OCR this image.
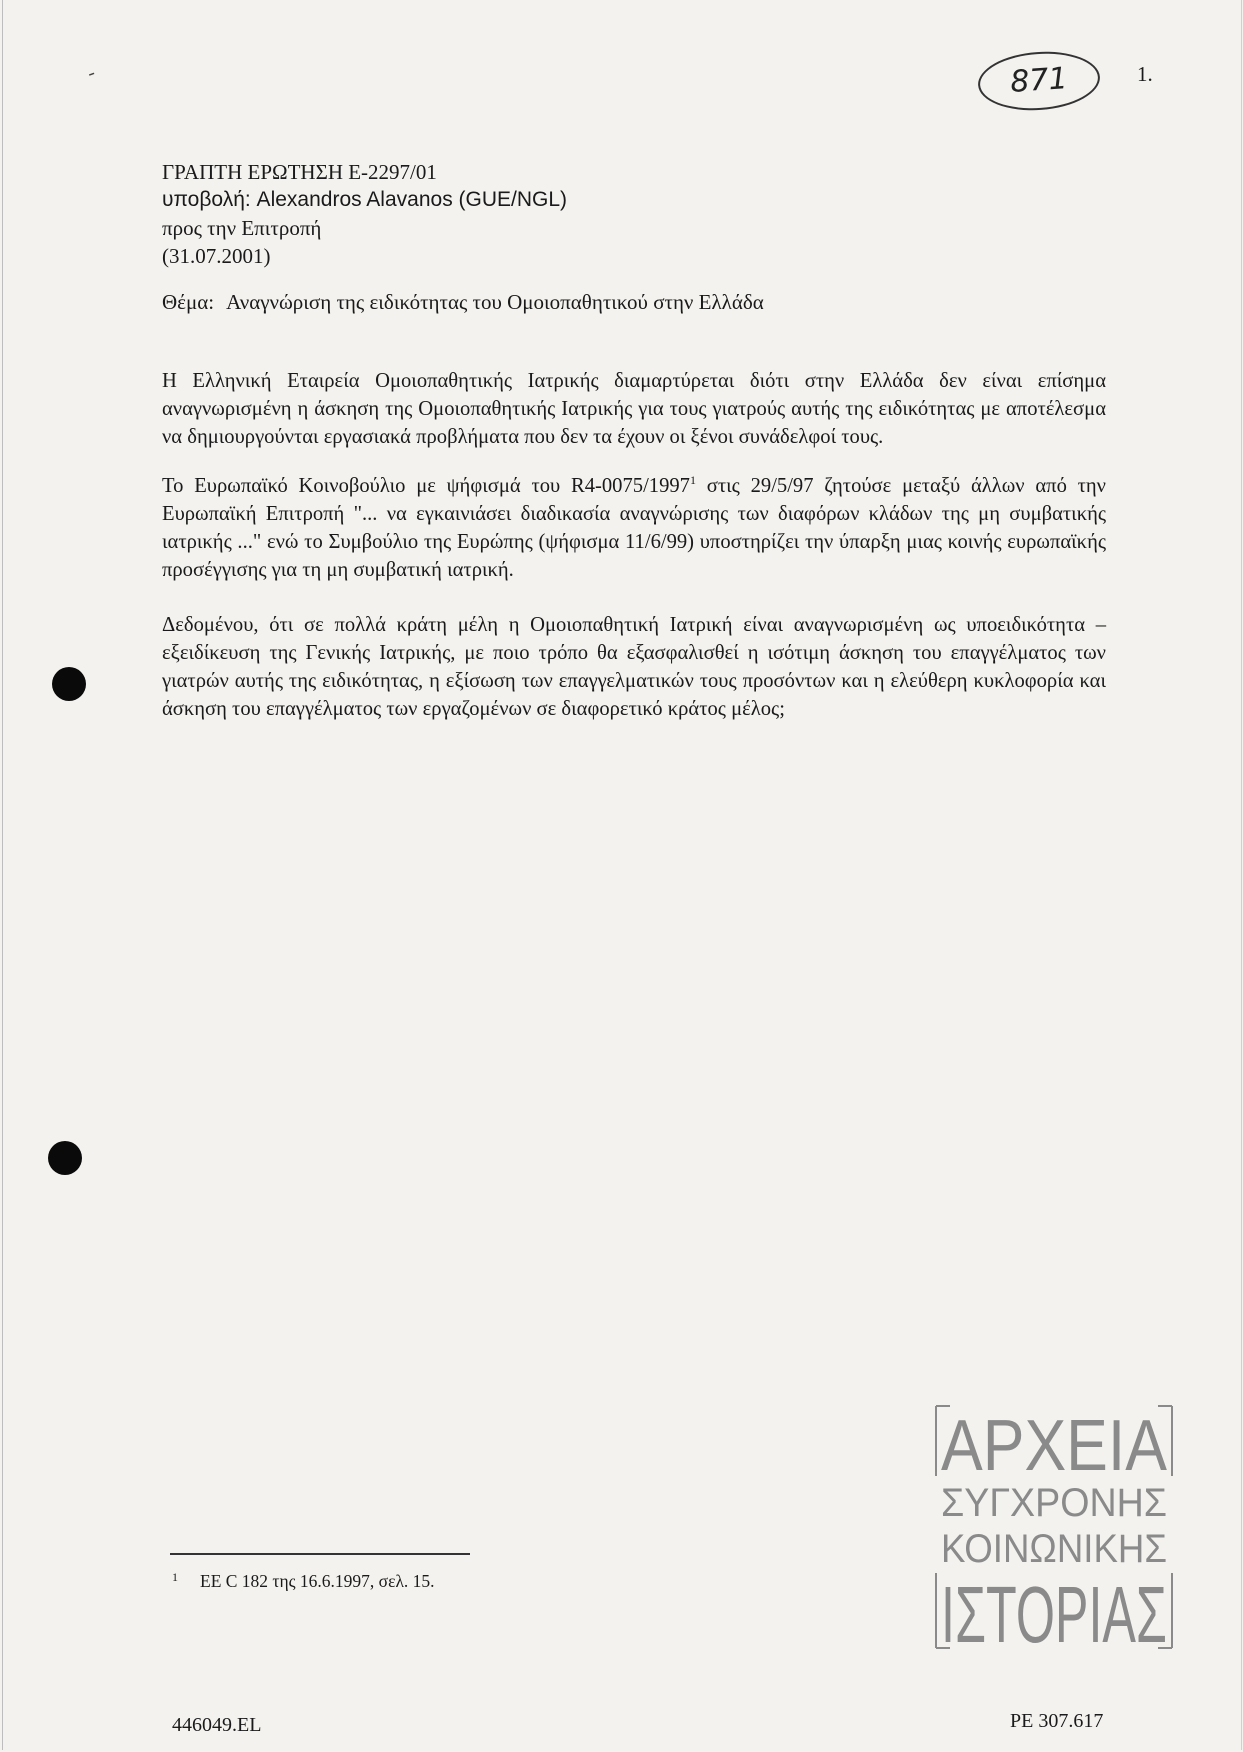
-	871	1.
ΓΡΑΠΤΗ ΕΡΩΤΗΣΗ E-2297/01
υποβολή: Alexandros Alavanos (GUE/NGL)
προς την Επιτροπή
(31.07.2001)
Θέμα: Αναγνώριση της ειδικότητας του Ομοιοπαθητικού στην Ελλάδα

Η Ελληνική Εταιρεία Ομοιοπαθητικής Ιατρικής διαμαρτύρεται διότι στην Ελλάδα δεν είναι επίσημα αναγνωρισμένη η άσκηση της Ομοιοπαθητικής Ιατρικής για τους γιατρούς αυτής της ειδικότητας με αποτέλεσμα να δημιουργούνται εργασιακά προβλήματα που δεν τα έχουν οι ξένοι συνάδελφοί τους.

Το Ευρωπαϊκό Κοινοβούλιο με ψήφισμά του R4-0075/1997$^1$ στις 29/5/97 ζητούσε μεταξύ άλλων από την Ευρωπαϊκή Επιτροπή "... να εγκαινιάσει διαδικασία αναγνώρισης των διαφόρων κλάδων της μη συμβατικής ιατρικής ..." ενώ το Συμβούλιο της Ευρώπης (ψήφισμα 11/6/99) υποστηρίζει την ύπαρξη μιας κοινής ευρωπαϊκής προσέγγισης για τη μη συμβατική ιατρική.

Δεδομένου, ότι σε πολλά κράτη μέλη η Ομοιοπαθητική Ιατρική είναι αναγνωρισμένη ως υποειδικότητα – εξειδίκευση της Γενικής Ιατρικής, με ποιο τρόπο θα εξασφαλισθεί η ισότιμη άσκηση του επαγγέλματος των γιατρών αυτής της ειδικότητας, η εξίσωση των επαγγελματικών τους προσόντων και η ελεύθερη κυκλοφορία και άσκηση του επαγγέλματος των εργαζομένων σε διαφορετικό κράτος μέλος;

ΑΡΧΕΙΑ
ΣΥΓΧΡΟΝΗΣ
ΚΟΙΝΩΝΙΚΗΣ
ΙΣΤΟΡΙΑΣ
$^1$ ΕΕ C 182 της 16.6.1997, σελ. 15.
446049.EL	PE 307.617
